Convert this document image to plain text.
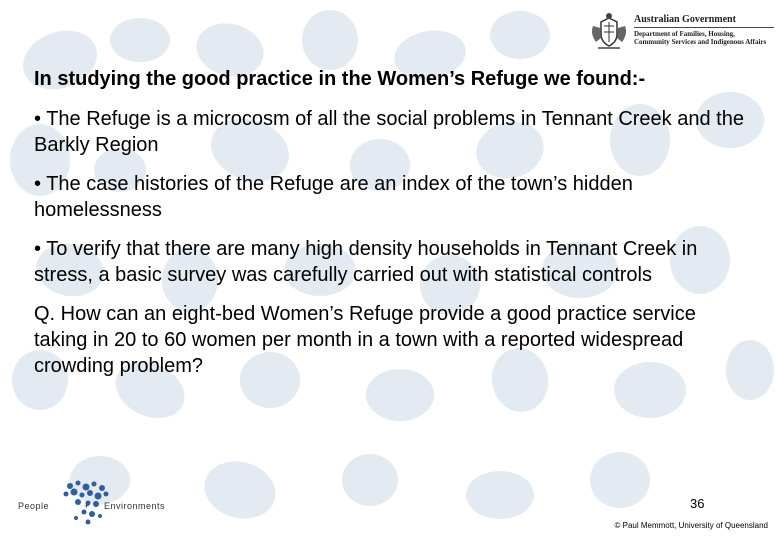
Australian Government
Department of Families, Housing,
Community Services and Indigenous Affairs

In studying the good practice in the Women’s Refuge we found:-

• The Refuge is a microcosm of all the social problems in Tennant Creek and the Barkly Region

• The case histories of the Refuge are an index of the town’s hidden homelessness

• To verify that there are many high density households in Tennant Creek in stress, a basic survey was carefully carried out with statistical controls

Q. How can an eight-bed Women’s Refuge provide a good practice service taking in 20 to 60 women per month in a town with a reported widespread crowding problem?

People	+ Environments	36
© Paul Memmott, University of Queensland
